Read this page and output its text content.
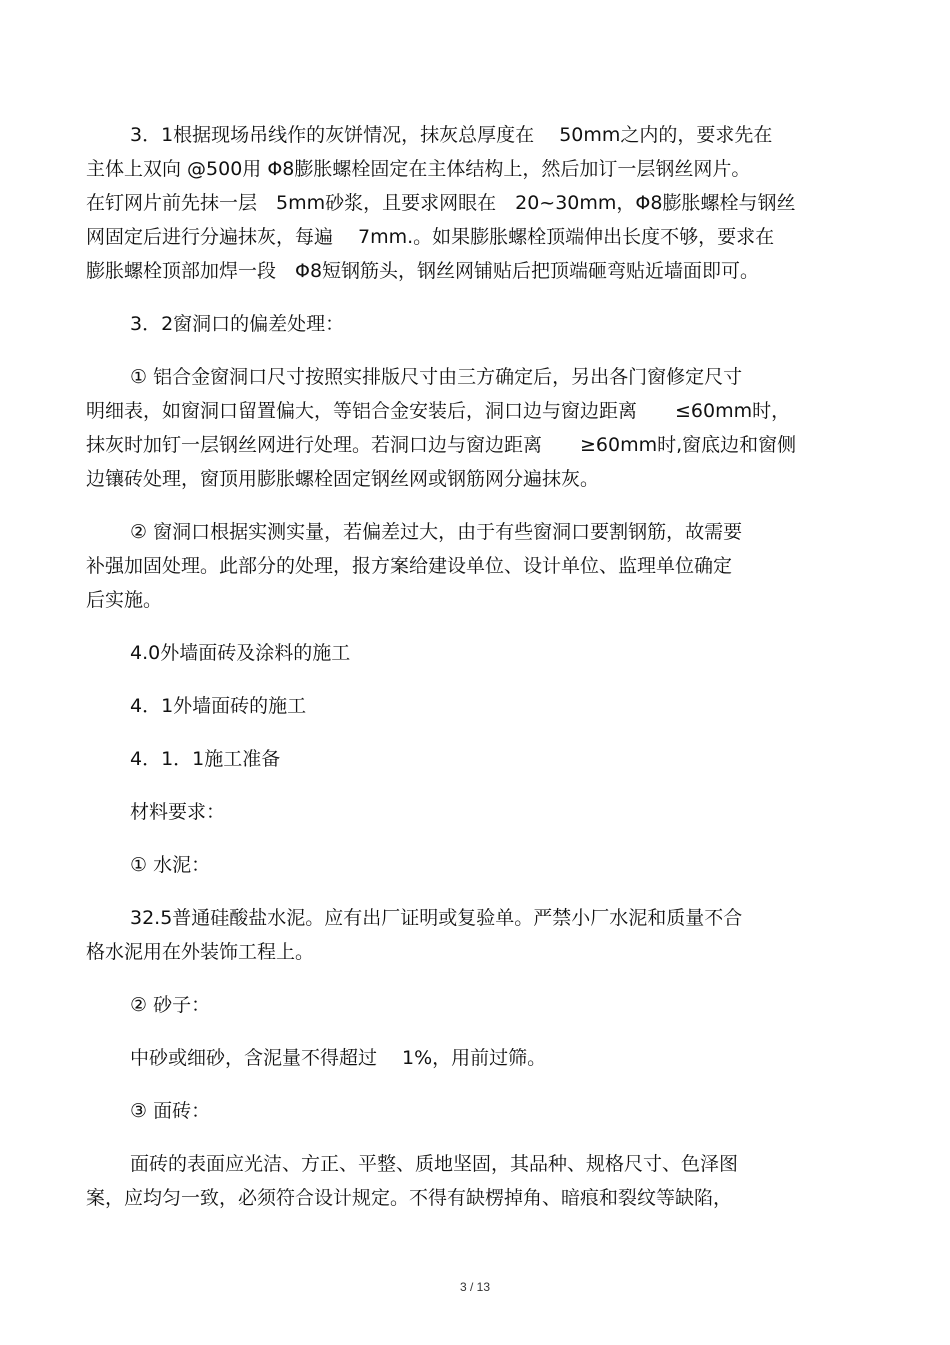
3．1根据现场吊线作的灰饼情况，抹灰总厚度在　 50mm之内的，要求先在
主体上双向 @500用 Φ8膨胀螺栓固定在主体结构上，然后加订一层钢丝网片。
在钉网片前先抹一层　5mm砂浆，且要求网眼在　20~30mm，Φ8膨胀螺栓与钢丝
网固定后进行分遍抹灰，每遍　 7mm.。如果膨胀螺栓顶端伸出长度不够，要求在
膨胀螺栓顶部加焊一段　Φ8短钢筋头，钢丝网铺贴后把顶端砸弯贴近墙面即可。

3．2窗洞口的偏差处理：

① 铝合金窗洞口尺寸按照实排版尺寸由三方确定后，另出各门窗修定尺寸
明细表，如窗洞口留置偏大，等铝合金安装后，洞口边与窗边距离　　≤60mm时，
抹灰时加钉一层钢丝网进行处理。若洞口边与窗边距离　　≥60mm时,窗底边和窗侧
边镶砖处理，窗顶用膨胀螺栓固定钢丝网或钢筋网分遍抹灰。

② 窗洞口根据实测实量，若偏差过大，由于有些窗洞口要割钢筋，故需要
补强加固处理。此部分的处理，报方案给建设单位、设计单位、监理单位确定
后实施。

4.0外墙面砖及涂料的施工

4．1外墙面砖的施工

4．1．1施工准备

材料要求：

① 水泥：

32.5普通硅酸盐水泥。应有出厂证明或复验单。严禁小厂水泥和质量不合
格水泥用在外装饰工程上。

② 砂子：

中砂或细砂，含泥量不得超过　 1%，用前过筛。

③ 面砖：

面砖的表面应光洁、方正、平整、质地坚固，其品种、规格尺寸、色泽图
案，应均匀一致，必须符合设计规定。不得有缺楞掉角、暗痕和裂纹等缺陷，

3 / 13
